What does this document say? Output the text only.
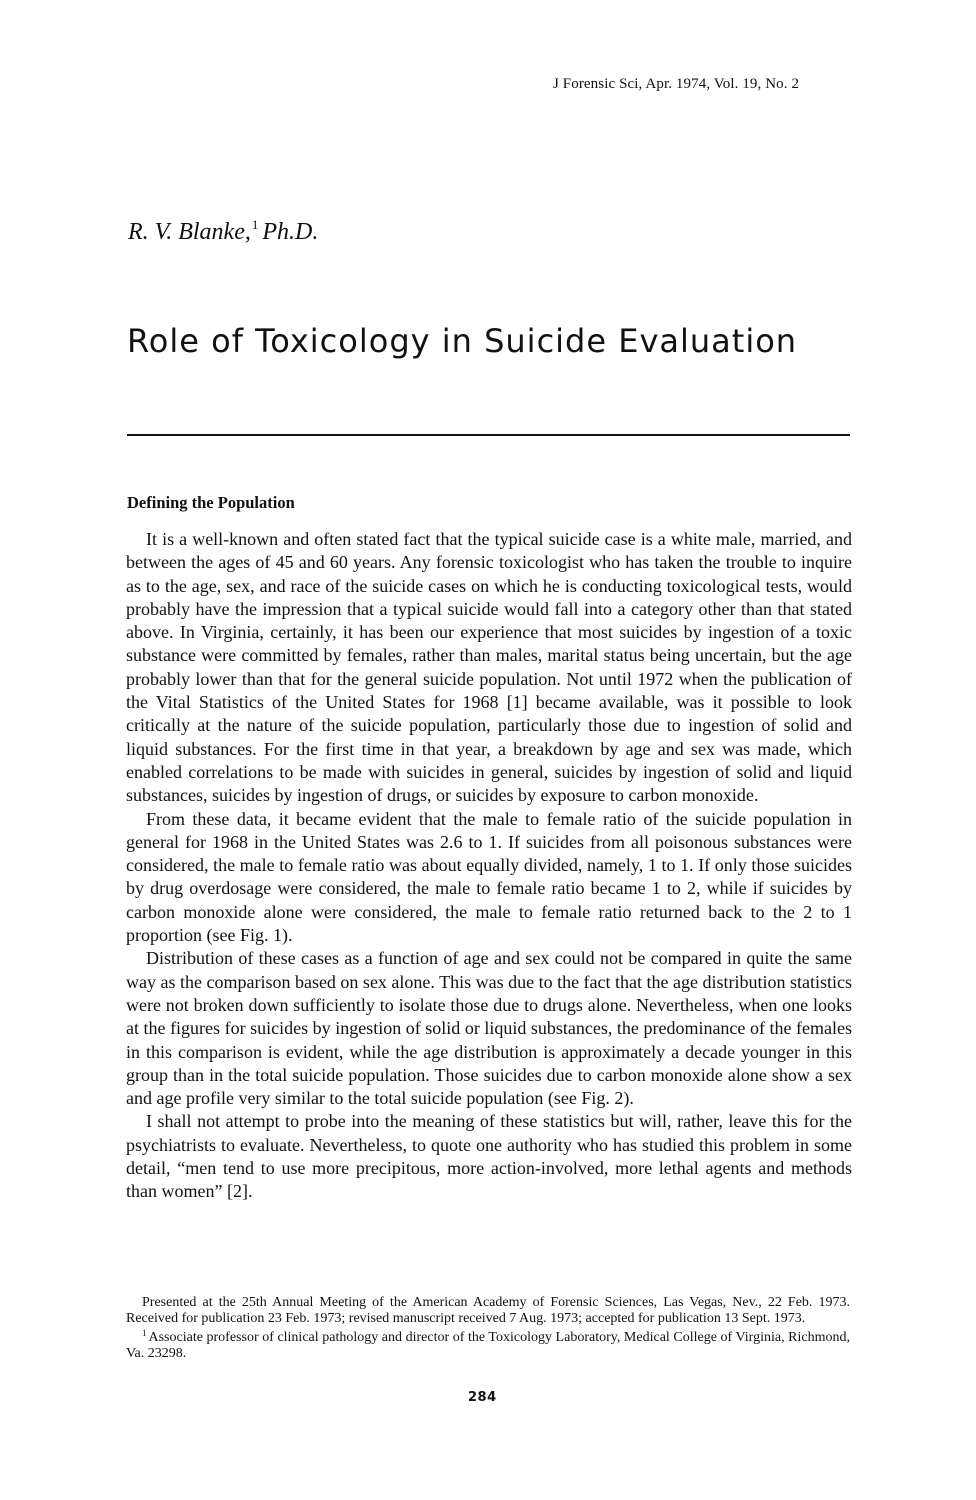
J Forensic Sci, Apr. 1974, Vol. 19, No. 2
R. V. Blanke,$^1$ Ph.D.
Role of Toxicology in Suicide Evaluation
Defining the Population

It is a well-known and often stated fact that the typical suicide case is a white male, married, and between the ages of 45 and 60 years. Any forensic toxicologist who has taken the trouble to inquire as to the age, sex, and race of the suicide cases on which he is conducting toxicological tests, would probably have the impression that a typical suicide would fall into a category other than that stated above. In Virginia, certainly, it has been our experience that most suicides by ingestion of a toxic substance were committed by females, rather than males, marital status being uncertain, but the age probably lower than that for the general suicide population. Not until 1972 when the publication of the Vital Statistics of the United States for 1968 [1] became available, was it possible to look critically at the nature of the suicide population, particularly those due to ingestion of solid and liquid substances. For the first time in that year, a breakdown by age and sex was made, which enabled correlations to be made with suicides in general, suicides by ingestion of solid and liquid substances, suicides by ingestion of drugs, or suicides by exposure to carbon monoxide.

From these data, it became evident that the male to female ratio of the suicide population in general for 1968 in the United States was 2.6 to 1. If suicides from all poisonous substances were considered, the male to female ratio was about equally divided, namely, 1 to 1. If only those suicides by drug overdosage were considered, the male to female ratio became 1 to 2, while if suicides by carbon monoxide alone were considered, the male to female ratio returned back to the 2 to 1 proportion (see Fig. 1).

Distribution of these cases as a function of age and sex could not be compared in quite the same way as the comparison based on sex alone. This was due to the fact that the age distribution statistics were not broken down sufficiently to isolate those due to drugs alone. Nevertheless, when one looks at the figures for suicides by ingestion of solid or liquid substances, the predominance of the females in this comparison is evident, while the age distribution is approximately a decade younger in this group than in the total suicide population. Those suicides due to carbon monoxide alone show a sex and age profile very similar to the total suicide population (see Fig. 2).

I shall not attempt to probe into the meaning of these statistics but will, rather, leave this for the psychiatrists to evaluate. Nevertheless, to quote one authority who has studied this problem in some detail, “men tend to use more precipitous, more action-involved, more lethal agents and methods than women” [2].

Presented at the 25th Annual Meeting of the American Academy of Forensic Sciences, Las Vegas, Nev., 22 Feb. 1973. Received for publication 23 Feb. 1973; revised manuscript received 7 Aug. 1973; accepted for publication 13 Sept. 1973.

$^1$ Associate professor of clinical pathology and director of the Toxicology Laboratory, Medical College of Virginia, Richmond, Va. 23298.

284
